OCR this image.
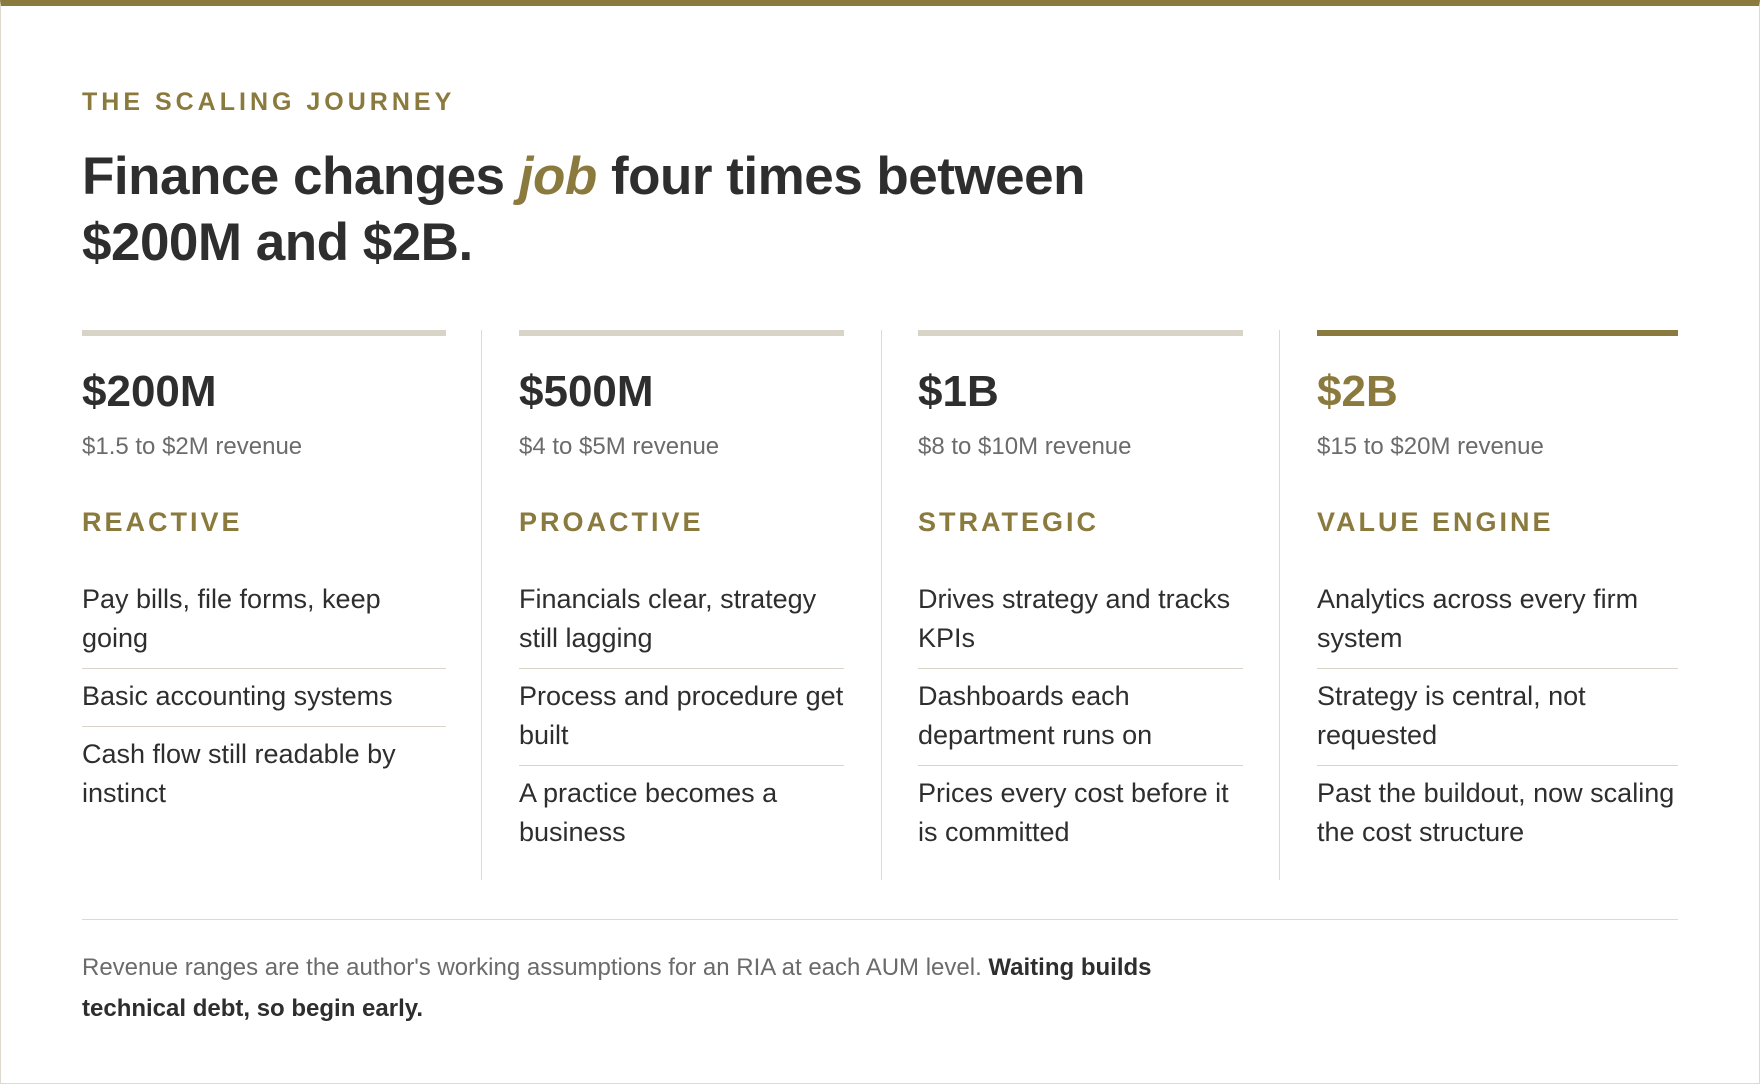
THE SCALING JOURNEY
Finance changes job four times between $200M and $2B.
$200M
$1.5 to $2M revenue
REACTIVE
Pay bills, file forms, keep going
Basic accounting systems
Cash flow still readable by instinct
$500M
$4 to $5M revenue
PROACTIVE
Financials clear, strategy still lagging
Process and procedure get built
A practice becomes a business
$1B
$8 to $10M revenue
STRATEGIC
Drives strategy and tracks KPIs
Dashboards each department runs on
Prices every cost before it is committed
$2B
$15 to $20M revenue
VALUE ENGINE
Analytics across every firm system
Strategy is central, not requested
Past the buildout, now scaling the cost structure
Revenue ranges are the author's working assumptions for an RIA at each AUM level. Waiting builds technical debt, so begin early.
